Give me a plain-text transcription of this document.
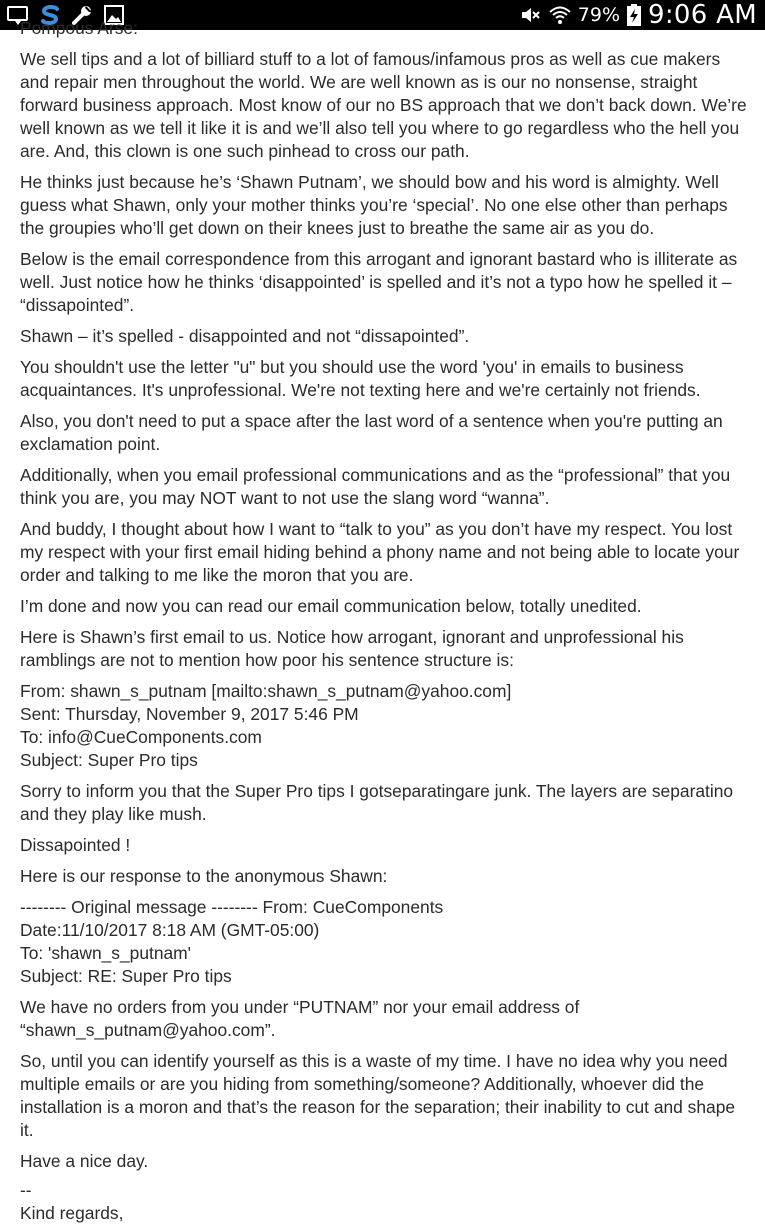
79% 9:06 AM
Pompous Arse:

We sell tips and a lot of billiard stuff to a lot of famous/infamous pros as well as cue makers and repair men throughout the world. We are well known as is our no nonsense, straight forward business approach. Most know of our no BS approach that we don’t back down. We’re well known as we tell it like it is and we’ll also tell you where to go regardless who the hell you are. And, this clown is one such pinhead to cross our path.

He thinks just because he’s ‘Shawn Putnam’, we should bow and his word is almighty. Well guess what Shawn, only your mother thinks you’re ‘special’. No one else other than perhaps the groupies who’ll get down on their knees just to breathe the same air as you do.

Below is the email correspondence from this arrogant and ignorant bastard who is illiterate as well. Just notice how he thinks ‘disappointed’ is spelled and it’s not a typo how he spelled it – “dissapointed”.

Shawn – it’s spelled - disappointed and not “dissapointed”.

You shouldn't use the letter "u" but you should use the word 'you' in emails to business acquaintances. It's unprofessional. We're not texting here and we're certainly not friends.

Also, you don't need to put a space after the last word of a sentence when you're putting an exclamation point.

Additionally, when you email professional communications and as the “professional” that you think you are, you may NOT want to not use the slang word “wanna”.

And buddy, I thought about how I want to “talk to you” as you don’t have my respect. You lost my respect with your first email hiding behind a phony name and not being able to locate your order and talking to me like the moron that you are.

I’m done and now you can read our email communication below, totally unedited.

Here is Shawn’s first email to us. Notice how arrogant, ignorant and unprofessional his ramblings are not to mention how poor his sentence structure is:

From: shawn_s_putnam [mailto:shawn_s_putnam@yahoo.com]
Sent: Thursday, November 9, 2017 5:46 PM
To: info@CueComponents.com
Subject: Super Pro tips

Sorry to inform you that the Super Pro tips I gotseparatingare junk. The layers are separatino and they play like mush.

Dissapointed !

Here is our response to the anonymous Shawn:

-------- Original message -------- From: CueComponents
Date:11/10/2017 8:18 AM (GMT-05:00)
To: 'shawn_s_putnam'
Subject: RE: Super Pro tips

We have no orders from you under “PUTNAM” nor your email address of “shawn_s_putnam@yahoo.com”.

So, until you can identify yourself as this is a waste of my time. I have no idea why you need multiple emails or are you hiding from something/someone? Additionally, whoever did the installation is a moron and that’s the reason for the separation; their inability to cut and shape it.

Have a nice day.

--
Kind regards,
